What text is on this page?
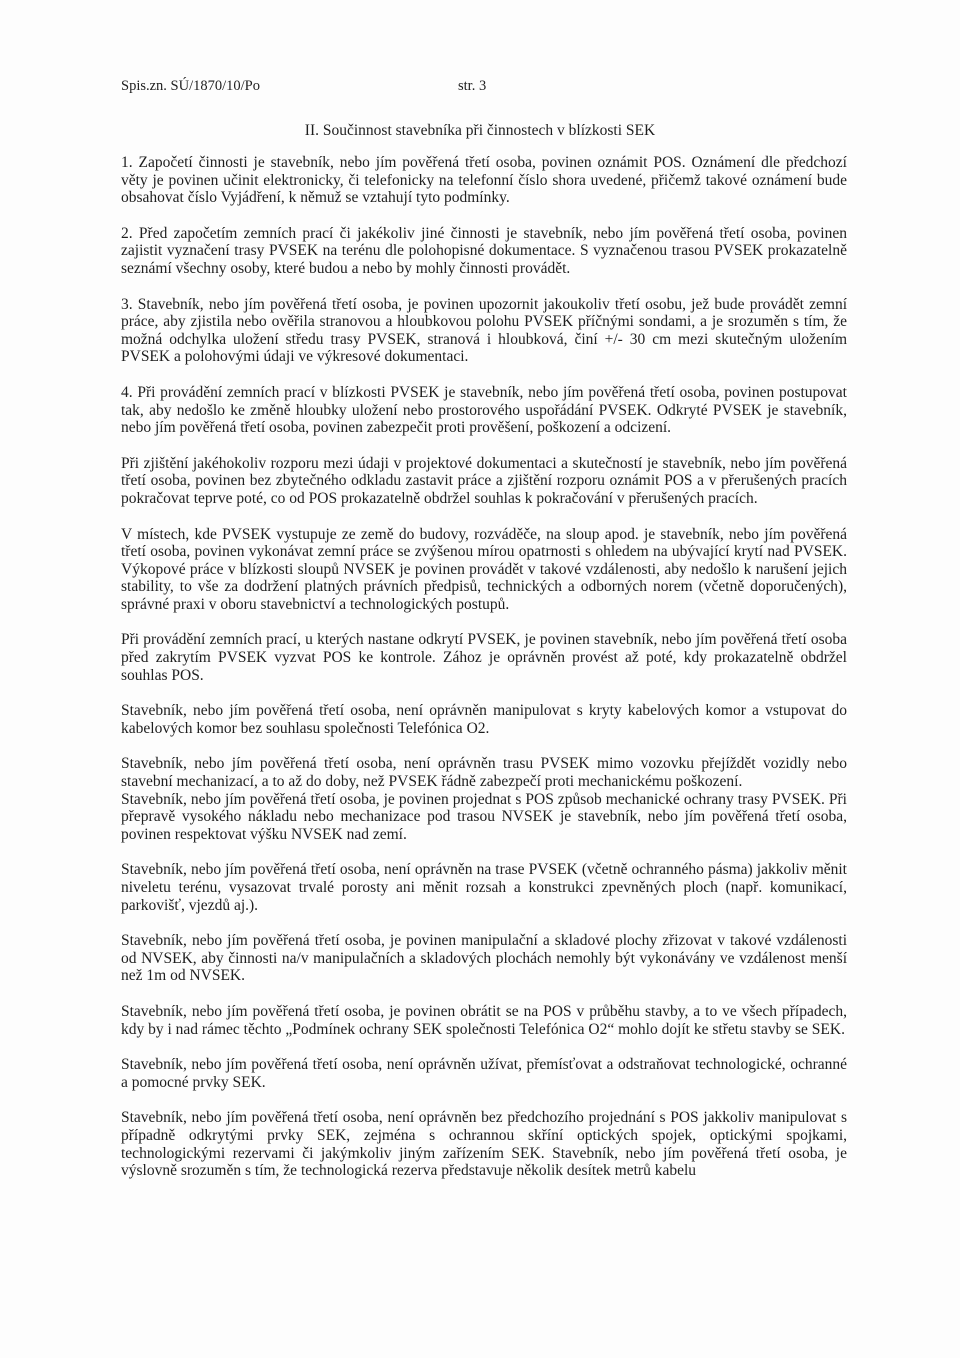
Spis.zn. SÚ/1870/10/Po	str. 3
II. Součinnost stavebníka při činnostech v blízkosti SEK

1. Započetí činnosti je stavebník, nebo jím pověřená třetí osoba, povinen oznámit POS. Oznámení dle předchozí věty je povinen učinit elektronicky, či telefonicky na telefonní číslo shora uvedené, přičemž takové oznámení bude obsahovat číslo Vyjádření, k němuž se vztahují tyto podmínky.

2. Před započetím zemních prací či jakékoliv jiné činnosti je stavebník, nebo jím pověřená třetí osoba, povinen zajistit vyznačení trasy PVSEK na terénu dle polohopisné dokumentace. S vyznačenou trasou PVSEK prokazatelně seznámí všechny osoby, které budou a nebo by mohly činnosti provádět.

3. Stavebník, nebo jím pověřená třetí osoba, je povinen upozornit jakoukoliv třetí osobu, jež bude provádět zemní práce, aby zjistila nebo ověřila stranovou a hloubkovou polohu PVSEK příčnými sondami, a je srozuměn s tím, že možná odchylka uložení středu trasy PVSEK, stranová i hloubková, činí +/- 30 cm mezi skutečným uložením PVSEK a polohovými údaji ve výkresové dokumentaci.

4. Při provádění zemních prací v blízkosti PVSEK je stavebník, nebo jím pověřená třetí osoba, povinen postupovat tak, aby nedošlo ke změně hloubky uložení nebo prostorového uspořádání PVSEK. Odkryté PVSEK je stavebník, nebo jím pověřená třetí osoba, povinen zabezpečit proti prověšení, poškození a odcizení.

Při zjištění jakéhokoliv rozporu mezi údaji v projektové dokumentaci a skutečností je stavebník, nebo jím pověřená třetí osoba, povinen bez zbytečného odkladu zastavit práce a zjištění rozporu oznámit POS a v přerušených pracích pokračovat teprve poté, co od POS prokazatelně obdržel souhlas k pokračování v přerušených pracích.

V místech, kde PVSEK vystupuje ze země do budovy, rozváděče, na sloup apod. je stavebník, nebo jím pověřená třetí osoba, povinen vykonávat zemní práce se zvýšenou mírou opatrnosti s ohledem na ubývající krytí nad PVSEK. Výkopové práce v blízkosti sloupů NVSEK je povinen provádět v takové vzdálenosti, aby nedošlo k narušení jejich stability, to vše za dodržení platných právních předpisů, technických a odborných norem (včetně doporučených), správné praxi v oboru stavebnictví a technologických postupů.

Při provádění zemních prací, u kterých nastane odkrytí PVSEK, je povinen stavebník, nebo jím pověřená třetí osoba před zakrytím PVSEK vyzvat POS ke kontrole. Zához je oprávněn provést až poté, kdy prokazatelně obdržel souhlas POS.

Stavebník, nebo jím pověřená třetí osoba, není oprávněn manipulovat s kryty kabelových komor a vstupovat do kabelových komor bez souhlasu společnosti Telefónica O2.

Stavebník, nebo jím pověřená třetí osoba, není oprávněn trasu PVSEK mimo vozovku přejíždět vozidly nebo stavební mechanizací, a to až do doby, než PVSEK řádně zabezpečí proti mechanickému poškození.

Stavebník, nebo jím pověřená třetí osoba, je povinen projednat s POS způsob mechanické ochrany trasy PVSEK. Při přepravě vysokého nákladu nebo mechanizace pod trasou NVSEK je stavebník, nebo jím pověřená třetí osoba, povinen respektovat výšku NVSEK nad zemí.

Stavebník, nebo jím pověřená třetí osoba, není oprávněn na trase PVSEK (včetně ochranného pásma) jakkoliv měnit niveletu terénu, vysazovat trvalé porosty ani měnit rozsah a konstrukci zpevněných ploch (např. komunikací, parkovišť, vjezdů aj.).

Stavebník, nebo jím pověřená třetí osoba, je povinen manipulační a skladové plochy zřizovat v takové vzdálenosti od NVSEK, aby činnosti na/v manipulačních a skladových plochách nemohly být vykonávány ve vzdálenost menší než 1m od NVSEK.

Stavebník, nebo jím pověřená třetí osoba, je povinen obrátit se na POS v průběhu stavby, a to ve všech případech, kdy by i nad rámec těchto „Podmínek ochrany SEK společnosti Telefónica O2“ mohlo dojít ke střetu stavby se SEK.

Stavebník, nebo jím pověřená třetí osoba, není oprávněn užívat, přemísťovat a odstraňovat technologické, ochranné a pomocné prvky SEK.

Stavebník, nebo jím pověřená třetí osoba, není oprávněn bez předchozího projednání s POS jakkoliv manipulovat s případně odkrytými prvky SEK, zejména s ochrannou skříní optických spojek, optickými spojkami, technologickými rezervami či jakýmkoliv jiným zařízením SEK. Stavebník, nebo jím pověřená třetí osoba, je výslovně srozuměn s tím, že technologická rezerva představuje několik desítek metrů kabelu
